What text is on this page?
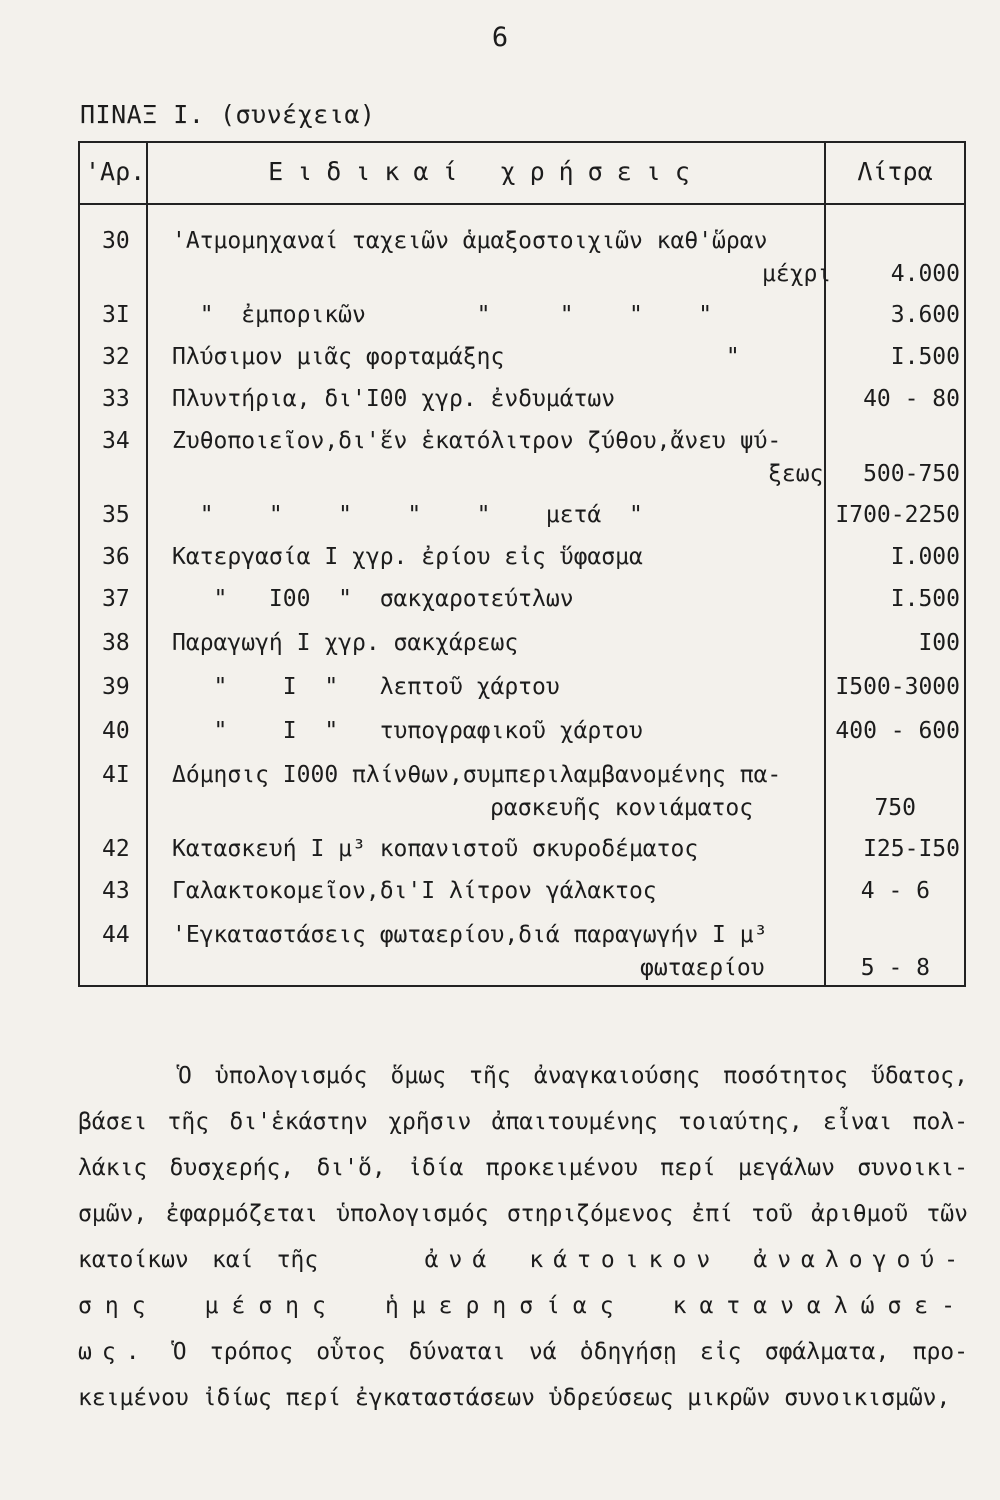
6
ΠΙΝΑΞ Ι. (συνέχεια)
'Αρ.	Ειδικαί χρήσεις	Λίτρα
30 'Ατμομηχαναί ταχειῶν ἁμαξοστοιχιῶν καθ'ὥραν
μέχρι	4.000
3I "  ἐμπορικῶν        "     "    "    "	3.600
32 Πλύσιμον μιᾶς φορταμάξης                "	I.500
33 Πλυντήρια, δι'I00 χγρ. ἐνδυμάτων	40 - 80
34 Ζυθοποιεῖον,δι'ἕν ἑκατόλιτρον ζύθου,ἄνευ ψύ-
ξεως	500-750
35 "    "    "    "    "    μετά  "	I700-2250
36 Κατεργασία I χγρ. ἐρίου εἰς ὕφασμα	I.000
37 "   I00  "  σακχαροτεύτλων	I.500
38 Παραγωγή I χγρ. σακχάρεως	I00
39 "    I  "   λεπτοῦ χάρτου	I500-3000
40 "    I  "   τυπογραφικοῦ χάρτου	400 - 600
4I Δόμησις I000 πλίνθων,συμπεριλαμβανομένης πα-
ρασκευῆς κονιάματος	750
42 Κατασκευή I μ³ κοπανιστοῦ σκυροδέματος	I25-I50
43 Γαλακτοκομεῖον,δι'I λίτρον γάλακτος	4 - 6
44 'Εγκαταστάσεις φωταερίου,διά παραγωγήν I μ³
φωταερίου	5 - 8
Ὁ ὑπολογισμός ὅμως τῆς ἀναγκαιούσης ποσότητος ὕδατος,
βάσει τῆς δι'ἑκάστην χρῆσιν ἀπαιτουμένης τοιαύτης, εἶναι πολ-
λάκις δυσχερής, δι'ὅ, ἰδία προκειμένου περί μεγάλων συνοικι-
σμῶν, ἐφαρμόζεται ὑπολογισμός στηριζόμενος ἐπί τοῦ ἀριθμοῦ τῶν
κατοίκων καί τῆς	ἀνά κάτοικον ἀναλογού-
σης μέσης ἡμερησίας καταναλώσε-
ως. Ὁ τρόπος οὗτος δύναται νά ὁδηγήσῃ εἰς σφάλματα, προ-
κειμένου ἰδίως περί ἐγκαταστάσεων ὑδρεύσεως μικρῶν συνοικισμῶν,
